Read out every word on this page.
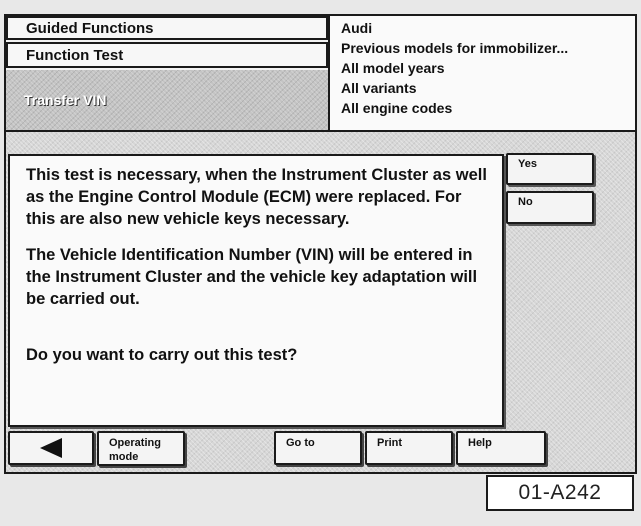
Guided Functions
Function Test
Transfer VIN
Audi
Previous models for immobilizer...
All model years
All variants
All engine codes

This test is necessary, when the Instrument Cluster as well as the Engine Control Module (ECM) were replaced. For this are also new vehicle keys necessary.

The Vehicle Identification Number (VIN) will be entered in the Instrument Cluster and the vehicle key adaptation will be carried out.

Do you want to carry out this test?

Yes
No
Operating mode
Go to	Print	Help
01-A242
